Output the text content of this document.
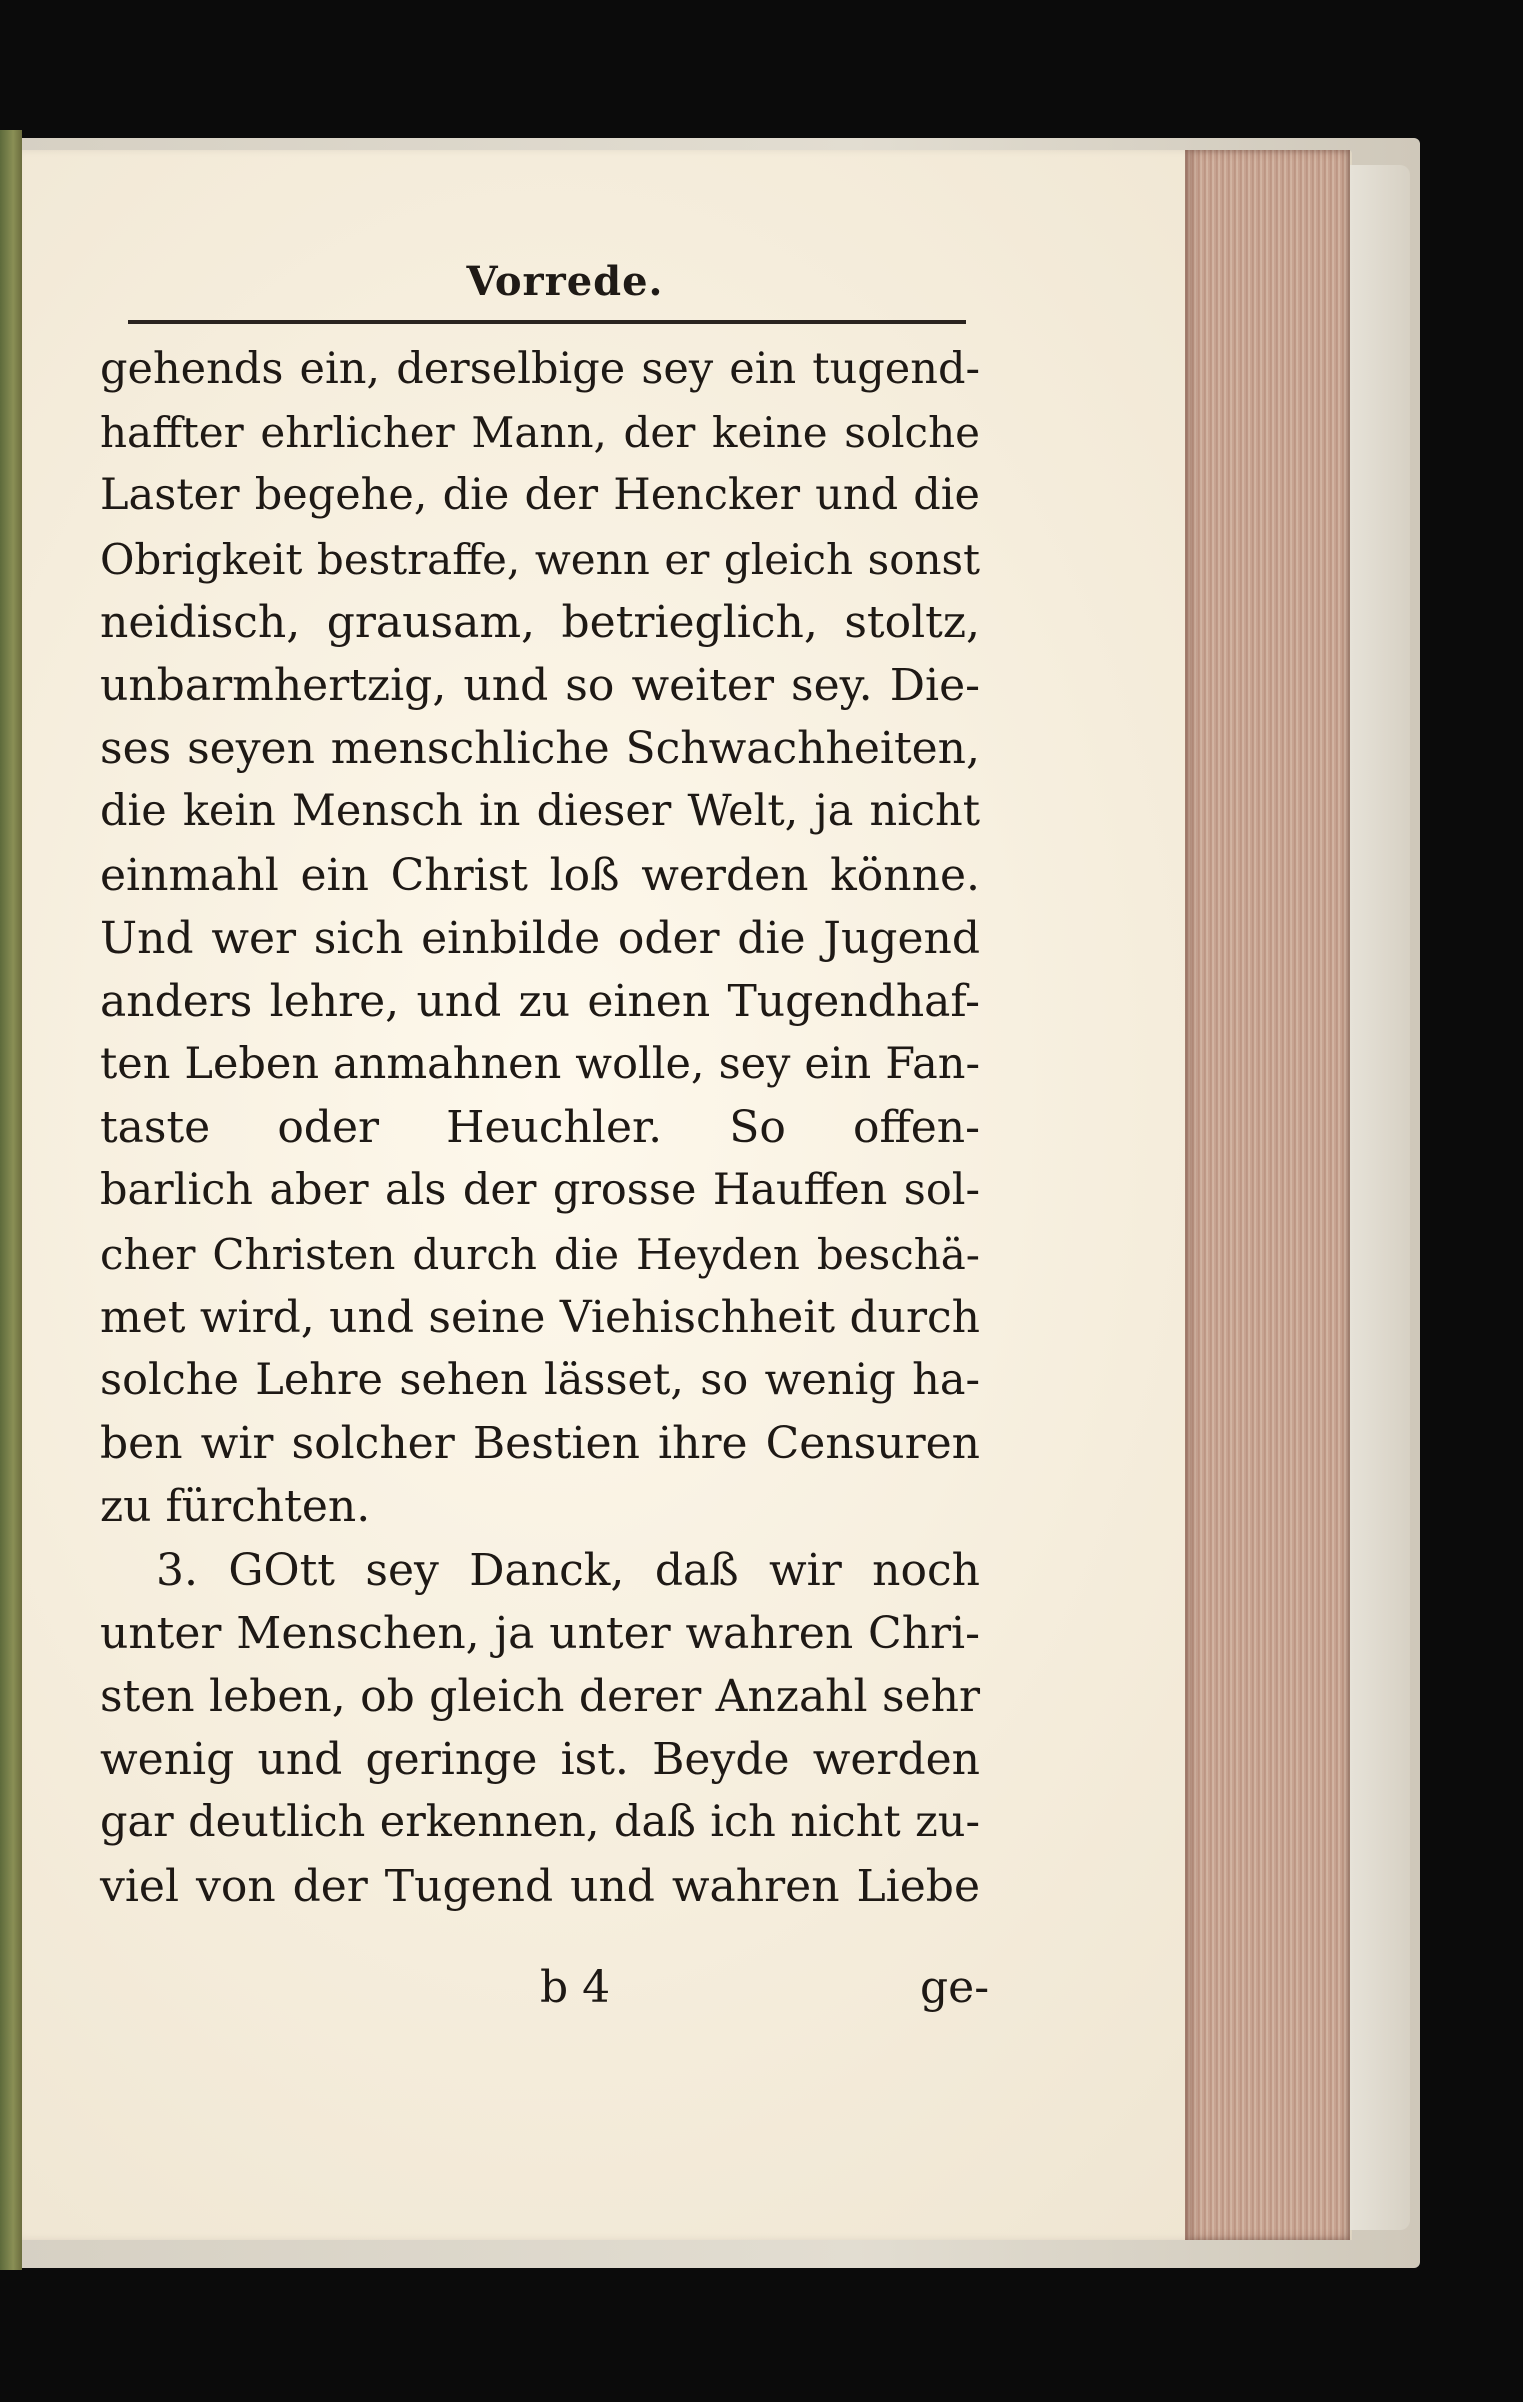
Vorrede.
gehends ein, derselbige sey ein tugend-
haffter ehrlicher Mann, der keine solche
Laster begehe, die der Hencker und die
Obrigkeit bestraffe, wenn er gleich sonst
neidisch, grausam, betrieglich, stoltz,
unbarmhertzig, und so weiter sey. Die-
ses seyen menschliche Schwachheiten,
die kein Mensch in dieser Welt, ja nicht
einmahl ein Christ loß werden könne.
Und wer sich einbilde oder die Jugend
anders lehre, und zu einen Tugendhaf-
ten Leben anmahnen wolle, sey ein Fan-
taste oder Heuchler. So offen-
barlich aber als der grosse Hauffen sol-
cher Christen durch die Heyden beschä-
met wird, und seine Viehischheit durch
solche Lehre sehen lässet, so wenig ha-
ben wir solcher Bestien ihre Censuren
zu fürchten.
3. GOtt sey Danck, daß wir noch
unter Menschen, ja unter wahren Chri-
sten leben, ob gleich derer Anzahl sehr
wenig und geringe ist. Beyde werden
gar deutlich erkennen, daß ich nicht zu-
viel von der Tugend und wahren Liebe
b 4	ge-
